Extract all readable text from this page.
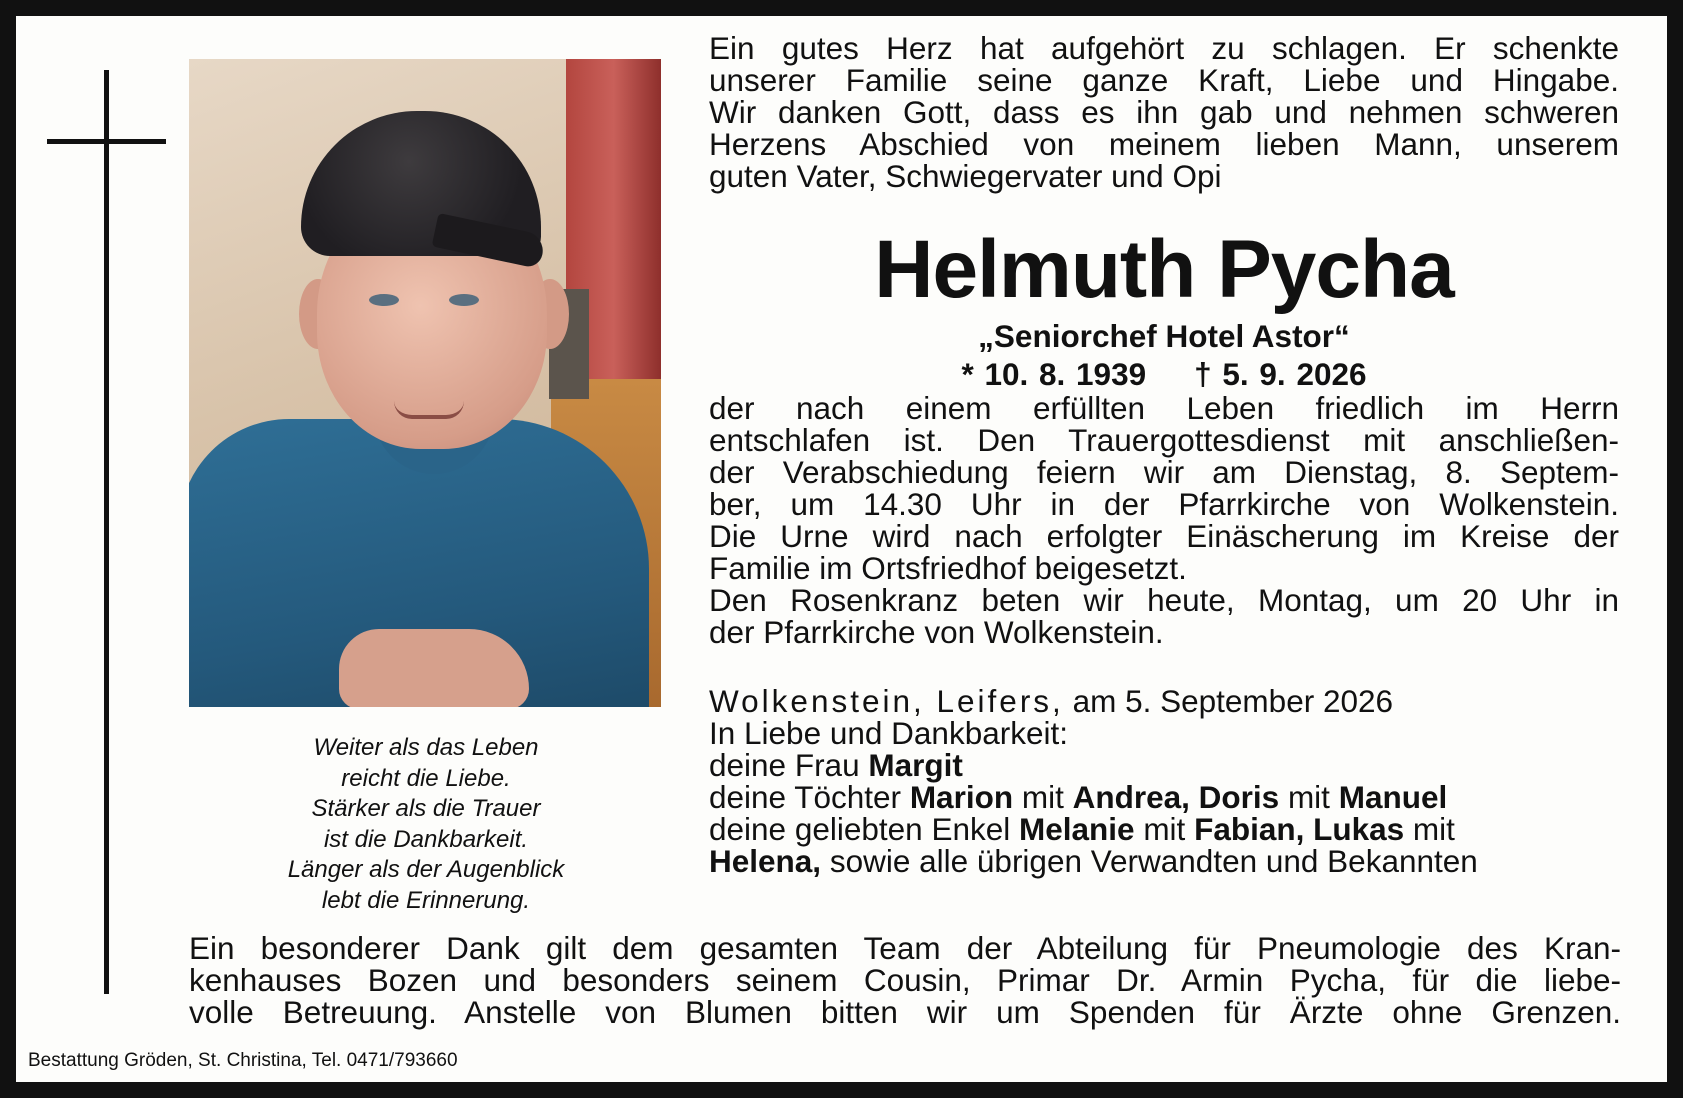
Weiter als das Leben
reicht die Liebe.
Stärker als die Trauer
ist die Dankbarkeit.
Länger als der Augenblick
lebt die Erinnerung.
Ein gutes Herz hat aufgehört zu schlagen. Er schenkte
unserer Familie seine ganze Kraft, Liebe und Hingabe.
Wir danken Gott, dass es ihn gab und nehmen schweren
Herzens Abschied von meinem lieben Mann, unserem
guten Vater, Schwiegervater und Opi
Helmuth Pycha

„Seniorchef Hotel Astor“

* 10. 8. 1939 † 5. 9. 2026

der nach einem erfüllten Leben friedlich im Herrn
entschlafen ist. Den Trauergottesdienst mit anschließen-
der Verabschiedung feiern wir am Dienstag, 8. Septem-
ber, um 14.30 Uhr in der Pfarrkirche von Wolkenstein.
Die Urne wird nach erfolgter Einäscherung im Kreise der
Familie im Ortsfriedhof beigesetzt.
Den Rosenkranz beten wir heute, Montag, um 20 Uhr in
der Pfarrkirche von Wolkenstein.
Wolkenstein, Leifers, am 5. September 2026
In Liebe und Dankbarkeit:
deine Frau Margit
deine Töchter Marion mit Andrea, Doris mit Manuel
deine geliebten Enkel Melanie mit Fabian, Lukas mit
Helena, sowie alle übrigen Verwandten und Bekannten
Ein besonderer Dank gilt dem gesamten Team der Abteilung für Pneumologie des Kran-
kenhauses Bozen und besonders seinem Cousin, Primar Dr. Armin Pycha, für die liebe-
volle Betreuung. Anstelle von Blumen bitten wir um Spenden für Ärzte ohne Grenzen.

Bestattung Gröden, St. Christina, Tel. 0471/793660
